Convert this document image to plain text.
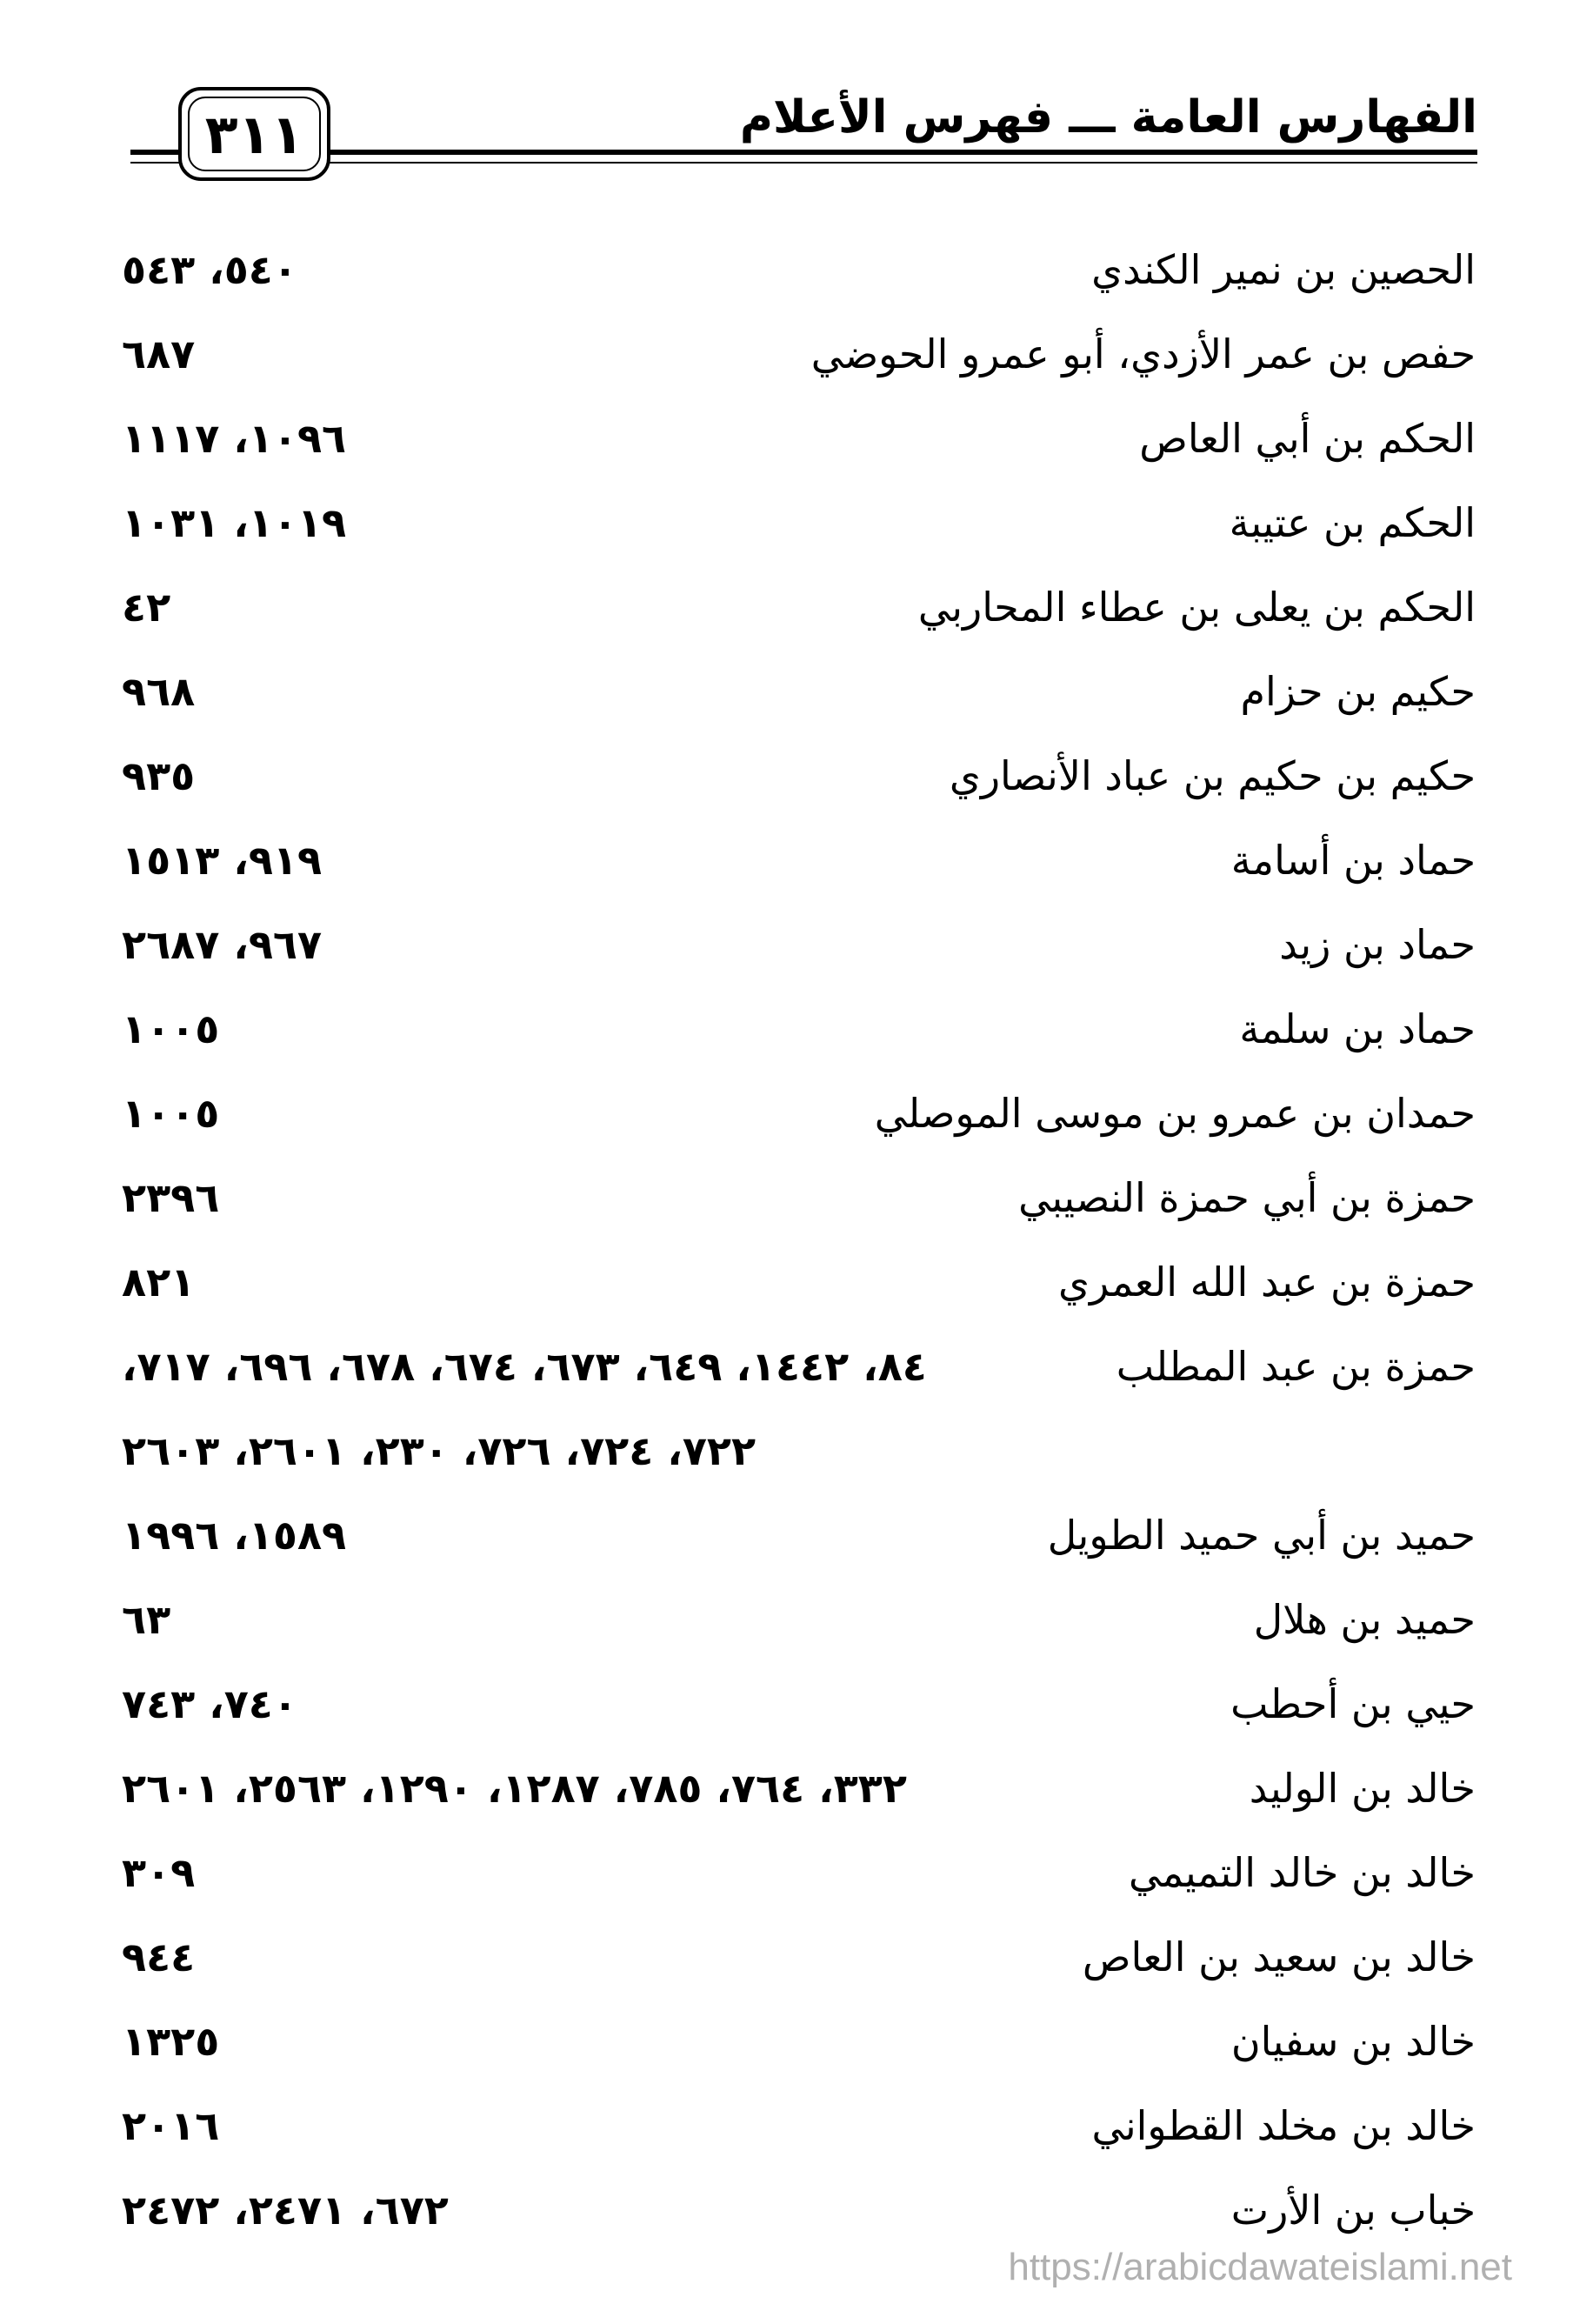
الفهارس العامة ـــ فهرس الأعلام
٣١١
الحصين بن نمير الكندي
٥٤٠، ٥٤٣
حفص بن عمر الأزدي، أبو عمرو الحوضي
٦٨٧
الحكم بن أبي العاص
١٠٩٦، ١١١٧
الحكم بن عتيبة
١٠١٩، ١٠٣١
الحكم بن يعلى بن عطاء المحاربي
٤٢
حكيم بن حزام
٩٦٨
حكيم بن حكيم بن عباد الأنصاري
٩٣٥
حماد بن أسامة
٩١٩، ١٥١٣
حماد بن زيد
٩٦٧، ٢٦٨٧
حماد بن سلمة
١٠٠٥
حمدان بن عمرو بن موسى الموصلي
١٠٠٥
حمزة بن أبي حمزة النصيبي
٢٣٩٦
حمزة بن عبد الله العمري
٨٢١
حمزة بن عبد المطلب
٨٤، ١٤٤٢، ٦٤٩، ٦٧٣، ٦٧٤، ٦٧٨، ٦٩٦، ٧١٧،
٧٢٢، ٧٢٤، ٧٢٦، ٢٣٠، ٢٦٠١، ٢٦٠٣
حميد بن أبي حميد الطويل
١٥٨٩، ١٩٩٦
حميد بن هلال
٦٣
حيي بن أحطب
٧٤٠، ٧٤٣
خالد بن الوليد
٣٣٢، ٧٦٤، ٧٨٥، ١٢٨٧، ١٢٩٠، ٢٥٦٣، ٢٦٠١
خالد بن خالد التميمي
٣٠٩
خالد بن سعيد بن العاص
٩٤٤
خالد بن سفيان
١٣٢٥
خالد بن مخلد القطواني
٢٠١٦
خباب بن الأرت
٦٧٢، ٢٤٧١، ٢٤٧٢
https://arabicdawateislami.net
